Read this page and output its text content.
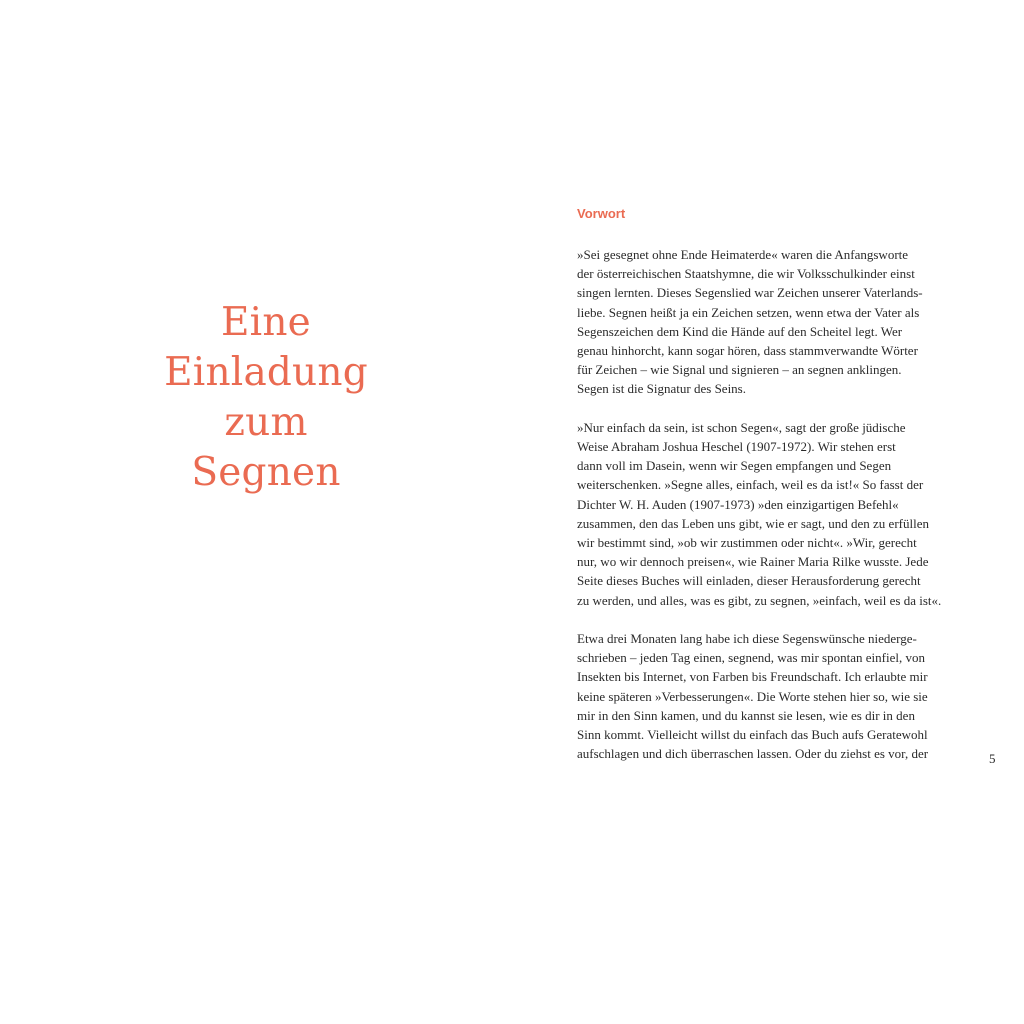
Eine
Einladung
zum
Segnen
Vorwort

»Sei gesegnet ohne Ende Heimaterde« waren die Anfangsworte
der österreichischen Staatshymne, die wir Volksschulkinder einst
singen lernten. Dieses Segenslied war Zeichen unserer Vaterlands-
liebe. Segnen heißt ja ein Zeichen setzen, wenn etwa der Vater als
Segenszeichen dem Kind die Hände auf den Scheitel legt. Wer
genau hinhorcht, kann sogar hören, dass stammverwandte Wörter
für Zeichen – wie Signal und signieren – an segnen anklingen.
Segen ist die Signatur des Seins.

»Nur einfach da sein, ist schon Segen«, sagt der große jüdische
Weise Abraham Joshua Heschel (1907-1972). Wir stehen erst
dann voll im Dasein, wenn wir Segen empfangen und Segen
weiterschenken. »Segne alles, einfach, weil es da ist!« So fasst der
Dichter W. H. Auden (1907-1973) »den einzigartigen Befehl«
zusammen, den das Leben uns gibt, wie er sagt, und den zu erfüllen
wir bestimmt sind, »ob wir zustimmen oder nicht«. »Wir, gerecht
nur, wo wir dennoch preisen«, wie Rainer Maria Rilke wusste. Jede
Seite dieses Buches will einladen, dieser Herausforderung gerecht
zu werden, und alles, was es gibt, zu segnen, »einfach, weil es da ist«.

Etwa drei Monaten lang habe ich diese Segenswünsche niederge-
schrieben – jeden Tag einen, segnend, was mir spontan einfiel, von
Insekten bis Internet, von Farben bis Freundschaft. Ich erlaubte mir
keine späteren »Verbesserungen«. Die Worte stehen hier so, wie sie
mir in den Sinn kamen, und du kannst sie lesen, wie es dir in den
Sinn kommt. Vielleicht willst du einfach das Buch aufs Geratewohl
aufschlagen und dich überraschen lassen. Oder du ziehst es vor, der	5
